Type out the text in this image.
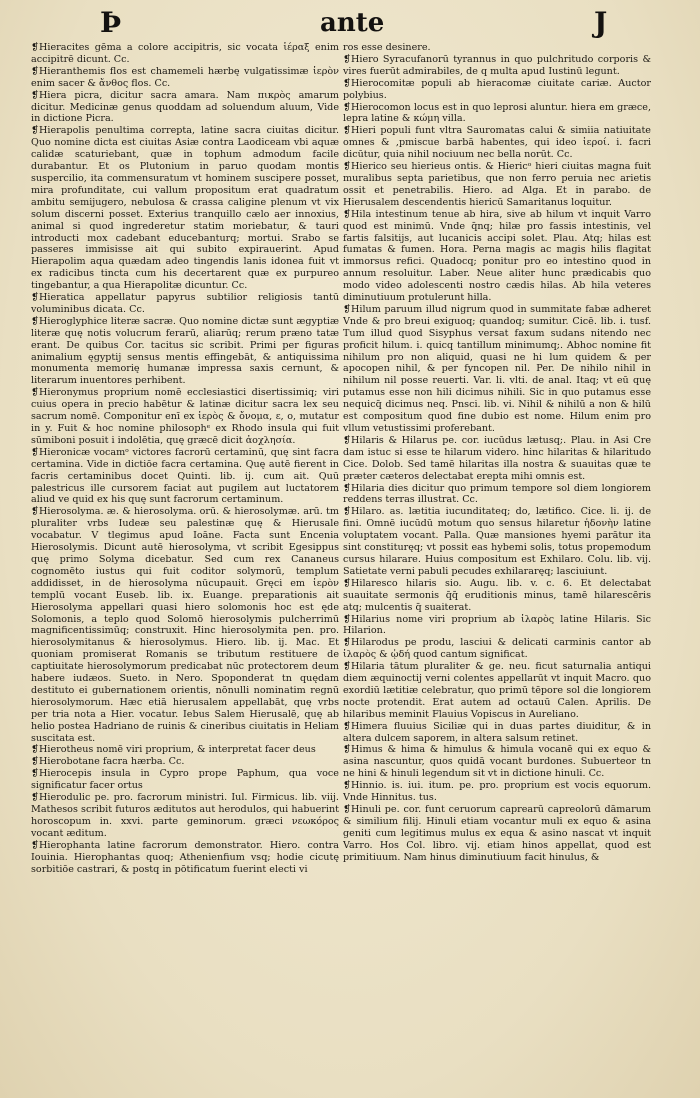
Þ	ante	J

❡Hieracites gēma a colore accipitris, sic vocata ἱέραξ enim accipitrē dicunt. Cc.

❡Hieranthemis flos est chamemeli hærbę vulgatissimæ ἱερὸν enim sacer & ἄνθος flos. Cc.

❡Hiera picra, dicitur sacra amara. Nam πικρὸς amarum dicitur. Medicinæ genus quoddam ad soluendum aluum, Vide in dictione Picra.

❡Hierapolis penultima correpta, latine sacra ciuitas dicitur. Quo nomine dicta est ciuitas Asiæ contra Laodiceam vbi aquæ calidæ scaturiebant, quæ in tophum admodum facile durabantur. Et os Plutonium in paruo quodam montis suspercilio, ita commensuratum vt hominem suscipere posset, mira profunditate, cui vallum propositum erat quadratum ambitu semijugero, nebulosa & crassa caligine plenum vt vix solum discerni posset. Exterius tranquillo cælo aer innoxius, animal si quod ingrederetur statim moriebatur, & tauri introducti mox cadebant educebanturq; mortui. Srabo se passeres immisisse ait qui subito expirauerint. Apud Hierapolim aqua quædam adeo tingendis lanis idonea fuit vt ex radicibus tincta cum his decertarent quæ ex purpureo tingebantur, a qua Hierapolitæ dicuntur. Cc.

❡Hieratica appellatur papyrus subtilior religiosis tantū voluminibus dicata. Cc.

❡Hieroglyphice literæ sacræ. Quo nomine dictæ sunt ægyptiæ literæ quę notis volucrum ferarū, aliarūq; rerum præno tatæ erant. De quibus Cor. tacitus sic scribit. Primi per figuras animalium ęgyptij sensus mentis effingebāt, & antiquissima monumenta memorię humanæ impressa saxis cernunt, & literarum inuentores perhibent.

❡Hieronymus proprium nomē ecclesiastici disertissimiq; viri cuius opera in precio habētur & latinæ dicitur sacra lex seu sacrum nomē. Componitur enī ex ἱερὸς & ὄνομα, ε, o, mutatur in y. Fuit & hoc nomine philosophᵉ ex Rhodo insula qui fuit sūmiboni posuit i indolētia, quę græcē dicit ἀοχλησία.

❡Hieronicæ vocamᵒ victores facrorū certaminū, quę sint facra certamina. Vide in dictiōe facra certamina. Quę autē fierent in facris certaminibus docet Quinti. lib. ij. cum ait. Quū palestricus ille cursorem faciat aut pugilem aut luctatorem aliud ve quid ex his quę sunt facrorum certaminum.

❡Hierosolyma. æ. & hierosolyma. orū. & hierosolymæ. arū. tm pluraliter vrbs Iudeæ seu palestinæ quę & Hierusale vocabatur. V tlegimus apud Ioāne. Facta sunt Encenia Hierosolymis. Dicunt autē hierosolyma, vt scribit Egesippus quę primo Solyma dicebatur. Sed cum rex Cananeus cognomēto iustus qui fuit coditor solymorū, templum addidisset, in de hierosolyma nūcupauit. Gręci em ἱερὸν templū vocant Euseb. lib. ix. Euange. preparationis ait Hierosolyma appellari quasi hiero solomonis hoc est ęde Solomonis, a teplo quod Solomō hierosolymis pulcherrimū magnificentissimūq; construxit. Hinc hierosolymita pen. pro. hierosolymitanus & hierosolymus. Hiero. lib. ij. Mac. Et quoniam promiserat Romanis se tributum restituere de captiuitate hierosolymorum predicabat nūc protectorem deum habere iudæos. Sueto. in Nero. Spoponderat tn quędam destituto ei gubernationem orientis, nōnulli nominatim regnū hierosolymorum. Hæc etiā hierusalem appellabāt, quę vrbs per tria nota a Hier. vocatur. Iebus Salem Hierusalē, quę ab helio postea Hadriano de ruinis & cineribus ciuitatis in Heliam suscitata est.

❡Hierotheus nomē viri proprium, & interpretat facer deus

❡Hierobotane facra hærba. Cc.

❡Hierocepis insula in Cypro prope Paphum, qua voce significatur facer ortus

❡Hierodulic pe. pro. facrorum ministri. Iul. Firmicus. lib. viij. Mathesos scribit futuros æditutos aut herodulos, qui habuerint horoscopum in. xxvi. parte geminorum. græci νεωκόρος vocant æditum.

❡Hierophanta latine facrorum demonstrator. Hiero. contra Iouinia. Hierophantas quoq; Athenienfium vsq; hodie cicutę sorbitiōe castrari, & postq in pōtificatum fuerint electi vi

ros esse desinere.

❡Hiero Syracufanorū tyrannus in quo pulchritudo corporis & vires fuerūt admirabiles, de q multa apud Iustinū legunt.

❡Hierocomitæ populi ab hieracomæ ciuitate cariæ. Auctor polybius.

❡Hierocomon locus est in quo leprosi aluntur. hiera em græce, lepra latine & κώμη villa.

❡Hieri populi funt vltra Sauromatas calui & simiia natiuitate omnes & ,pmiscue barbā habentes, qui ideo ἱεροί. i. facri dicūtur, quia nihil nociuum nec bella norūt. Cc.

❡Hierico seu hierieus ontis. & Hiericᵒ hieri ciuitas magna fuit muralibus septa parietibus, que non ferro peruia nec arietis ossit et penetrabilis. Hiero. ad Alga. Et in parabo. de Hierusalem descendentis hiericū Samaritanus loquitur.

❡Hila intestinum tenue ab hira, sive ab hilum vt inquit Varro quod est minimū. Vnde q̄nq; hilæ pro fassis intestinis, vel fartis falsitijs, aut lucanicis accipi solet. Plau. Atq; hilas est fumatas & fumen. Hora. Perna magis ac magis hilis flagitat immorsus refici. Quadocq; ponitur pro eo intestino quod in annum resoluitur. Laber. Neue aliter hunc prædicabis quo modo video adolescenti nostro cædis hilas. Ab hila veteres diminutiuum protulerunt hilla.

❡Hilum paruum illud nigrum quod in summitate fabæ adheret Vnde & pro breui exiguoq; quandoq; sumitur. Cicē. lib. i. tusf. Tum illud quod Sisyphus versat faxum sudans nitendo nec proficit hilum. i. quicq tantillum minimumq;. Abhoc nomine fit nihilum pro non aliquid, quasi ne hi lum quidem & per apocopen nihil, & per fyncopen nil. Per. De nihilo nihil in nihilum nil posse reuerti. Var. li. vlti. de anal. Itaq; vt eū quę putamus esse non hili dicimus nihili. Sic in quo putamus esse nequicq̄ dicimus neq. Pnsci. lib. vi. Nihil & nihilū a non & hilū est compositum quod fine dubio est nome. Hilum enim pro vllum vetustissimi proferebant.

❡Hilaris & Hilarus pe. cor. iucūdus lætusq;. Plau. in Asi Cre dam istuc si esse te hilarum videro. hinc hilaritas & hilaritudo Cice. Dolob. Sed tamē hilaritas illa nostra & suauitas quæ te præter cæteros delectabat erepta mihi omnis est.

❡Hilaria dies dicitur quo primum tempore sol diem longiorem reddens terras illustrat. Cc.

❡Hilaro. as. lætitia iucunditateq; do, lætifico. Cice. li. ij. de fini. Omnē iucūdū motum quo sensus hilaretur ἡδονὴν latine voluptatem vocant. Palla. Quæ mansiones hyemi parātur ita sint constituręq; vt possit eas hybemi solis, totus propemodum cursus hilarare. Huius compositum est Exhilaro. Colu. lib. vij. Satietate verni pabuli pecudes exhilararęq; lasciuiunt.

❡Hilaresco hilaris sio. Augu. lib. v. c. 6. Et delectabat suauitate sermonis q̄q̄ eruditionis minus, tamē hilarescēris atq; mulcentis q̄ suaiterat.

❡Hilarius nome viri proprium ab ἱλαρὸς latine Hilaris. Sic Hilarion.

❡Hilarodus pe produ, lasciui & delicati carminis cantor ab ἱλαρὸς & ᾠδή quod cantum significat.

❡Hilaria tātum pluraliter & ge. neu. ficut saturnalia antiqui diem æquinoctij verni colentes appellarūt vt inquit Macro. quo exordiū lætitiæ celebratur, quo primū tēpore sol die longiorem nocte protendit. Erat autem ad octauū Calen. Aprilis. De hilaribus meminit Flauius Vopiscus in Aureliano.

❡Himera fluuius Siciliæ qui in duas partes diuiditur, & in altera dulcem saporem, in altera salsum retinet.

❡Himus & hima & himulus & himula vocanē qui ex equo & asina nascuntur, quos quidā vocant burdones. Subuerteor tn ne hini & hinuli legendum sit vt in dictione hinuli. Cc.

❡Hinnio. is. iui. itum. pe. pro. proprium est vocis equorum. Vnde Hinnitus. tus.

❡Hinuli pe. cor. funt ceruorum caprearū capreolorū dāmarum & similium filij. Hinuli etiam vocantur muli ex equo & asina geniti cum legitimus mulus ex equa & asino nascat vt inquit Varro. Hos Col. libro. vij. etiam hinos appellat, quod est primitiuum. Nam hinus diminutiuum facit hinulus, &
